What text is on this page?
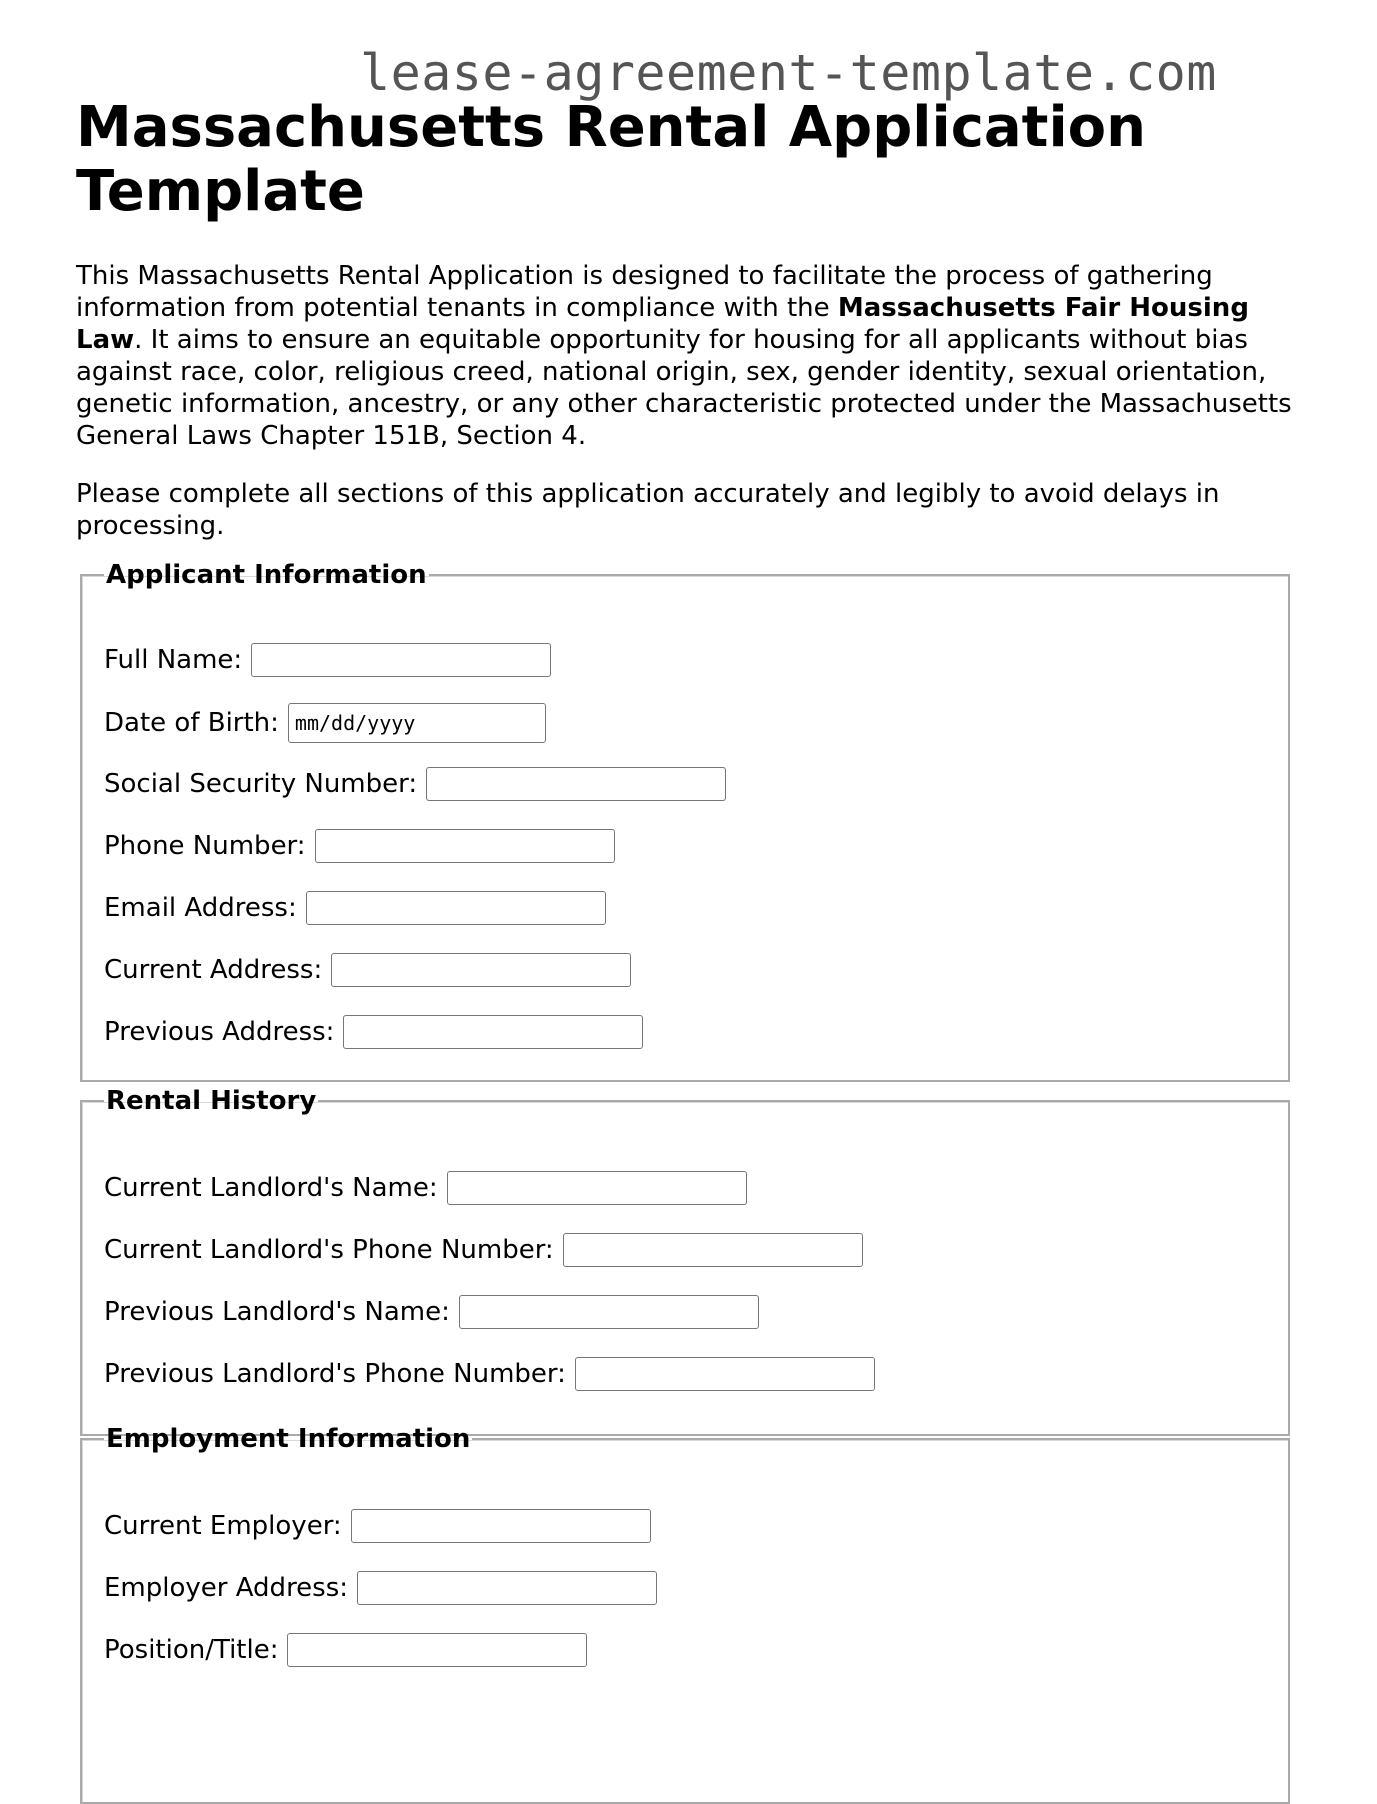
lease-agreement-template.com
Massachusetts Rental Application Template

This Massachusetts Rental Application is designed to facilitate the process of gathering information from potential tenants in compliance with the Massachusetts Fair Housing Law. It aims to ensure an equitable opportunity for housing for all applicants without bias against race, color, religious creed, national origin, sex, gender identity, sexual orientation, genetic information, ancestry, or any other characteristic protected under the Massachusetts General Laws Chapter 151B, Section 4.

Please complete all sections of this application accurately and legibly to avoid delays in processing.

Applicant Information
Full Name:
Date of Birth:
mm/dd/yyyy
Social Security Number:
Phone Number:
Email Address:
Current Address:
Previous Address:
Rental History
Current Landlord's Name:
Current Landlord's Phone Number:
Previous Landlord's Name:
Previous Landlord's Phone Number:
Employment Information
Current Employer:
Employer Address:
Position/Title:
